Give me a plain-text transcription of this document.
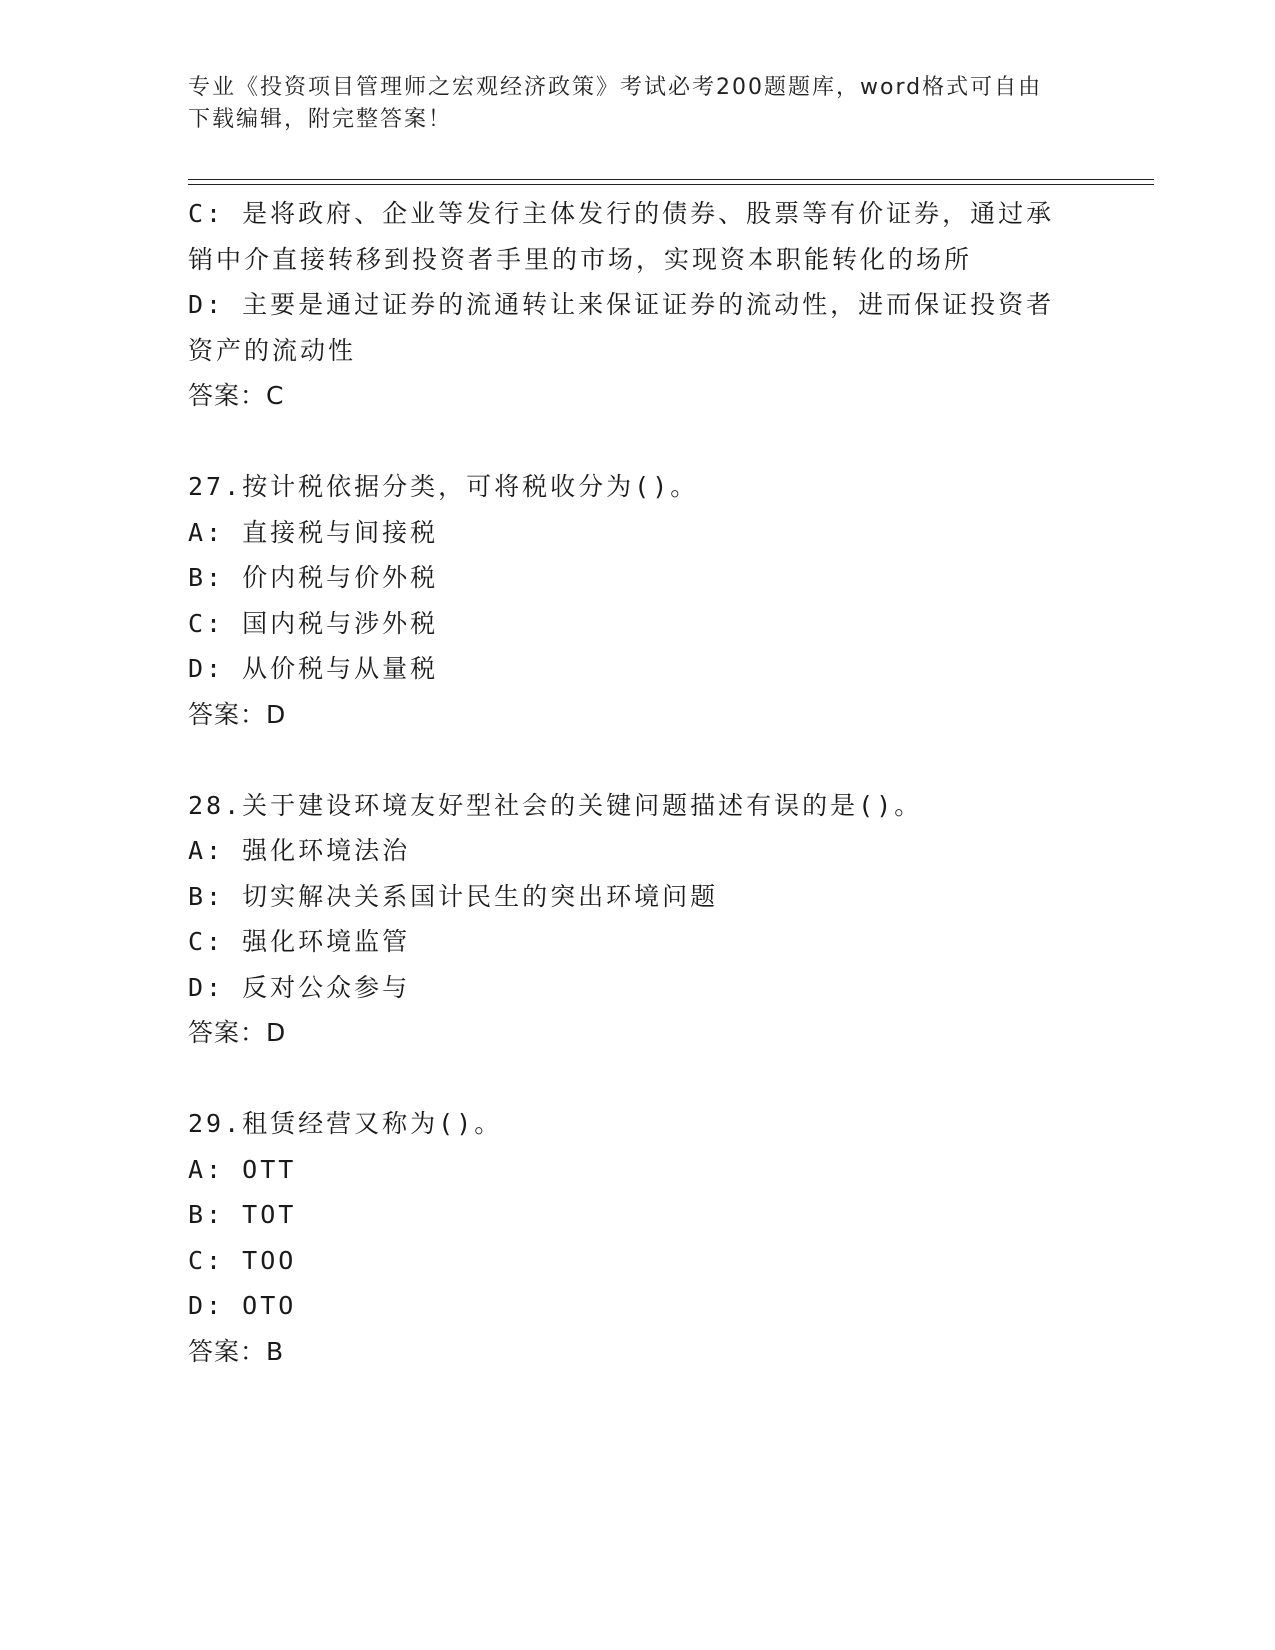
专业《投资项目管理师之宏观经济政策》考试必考200题题库，word格式可自由
下载编辑，附完整答案！
C: 是将政府、企业等发行主体发行的债券、股票等有价证券，通过承
销中介直接转移到投资者手里的市场，实现资本职能转化的场所
D: 主要是通过证券的流通转让来保证证券的流动性，进而保证投资者
资产的流动性
答案：C
27.按计税依据分类，可将税收分为()。
A: 直接税与间接税
B: 价内税与价外税
C: 国内税与涉外税
D: 从价税与从量税
答案：D
28.关于建设环境友好型社会的关键问题描述有误的是()。
A: 强化环境法治
B: 切实解决关系国计民生的突出环境问题
C: 强化环境监管
D: 反对公众参与
答案：D
29.租赁经营又称为()。
A: OTT
B: TOT
C: TOO
D: OTO
答案：B
